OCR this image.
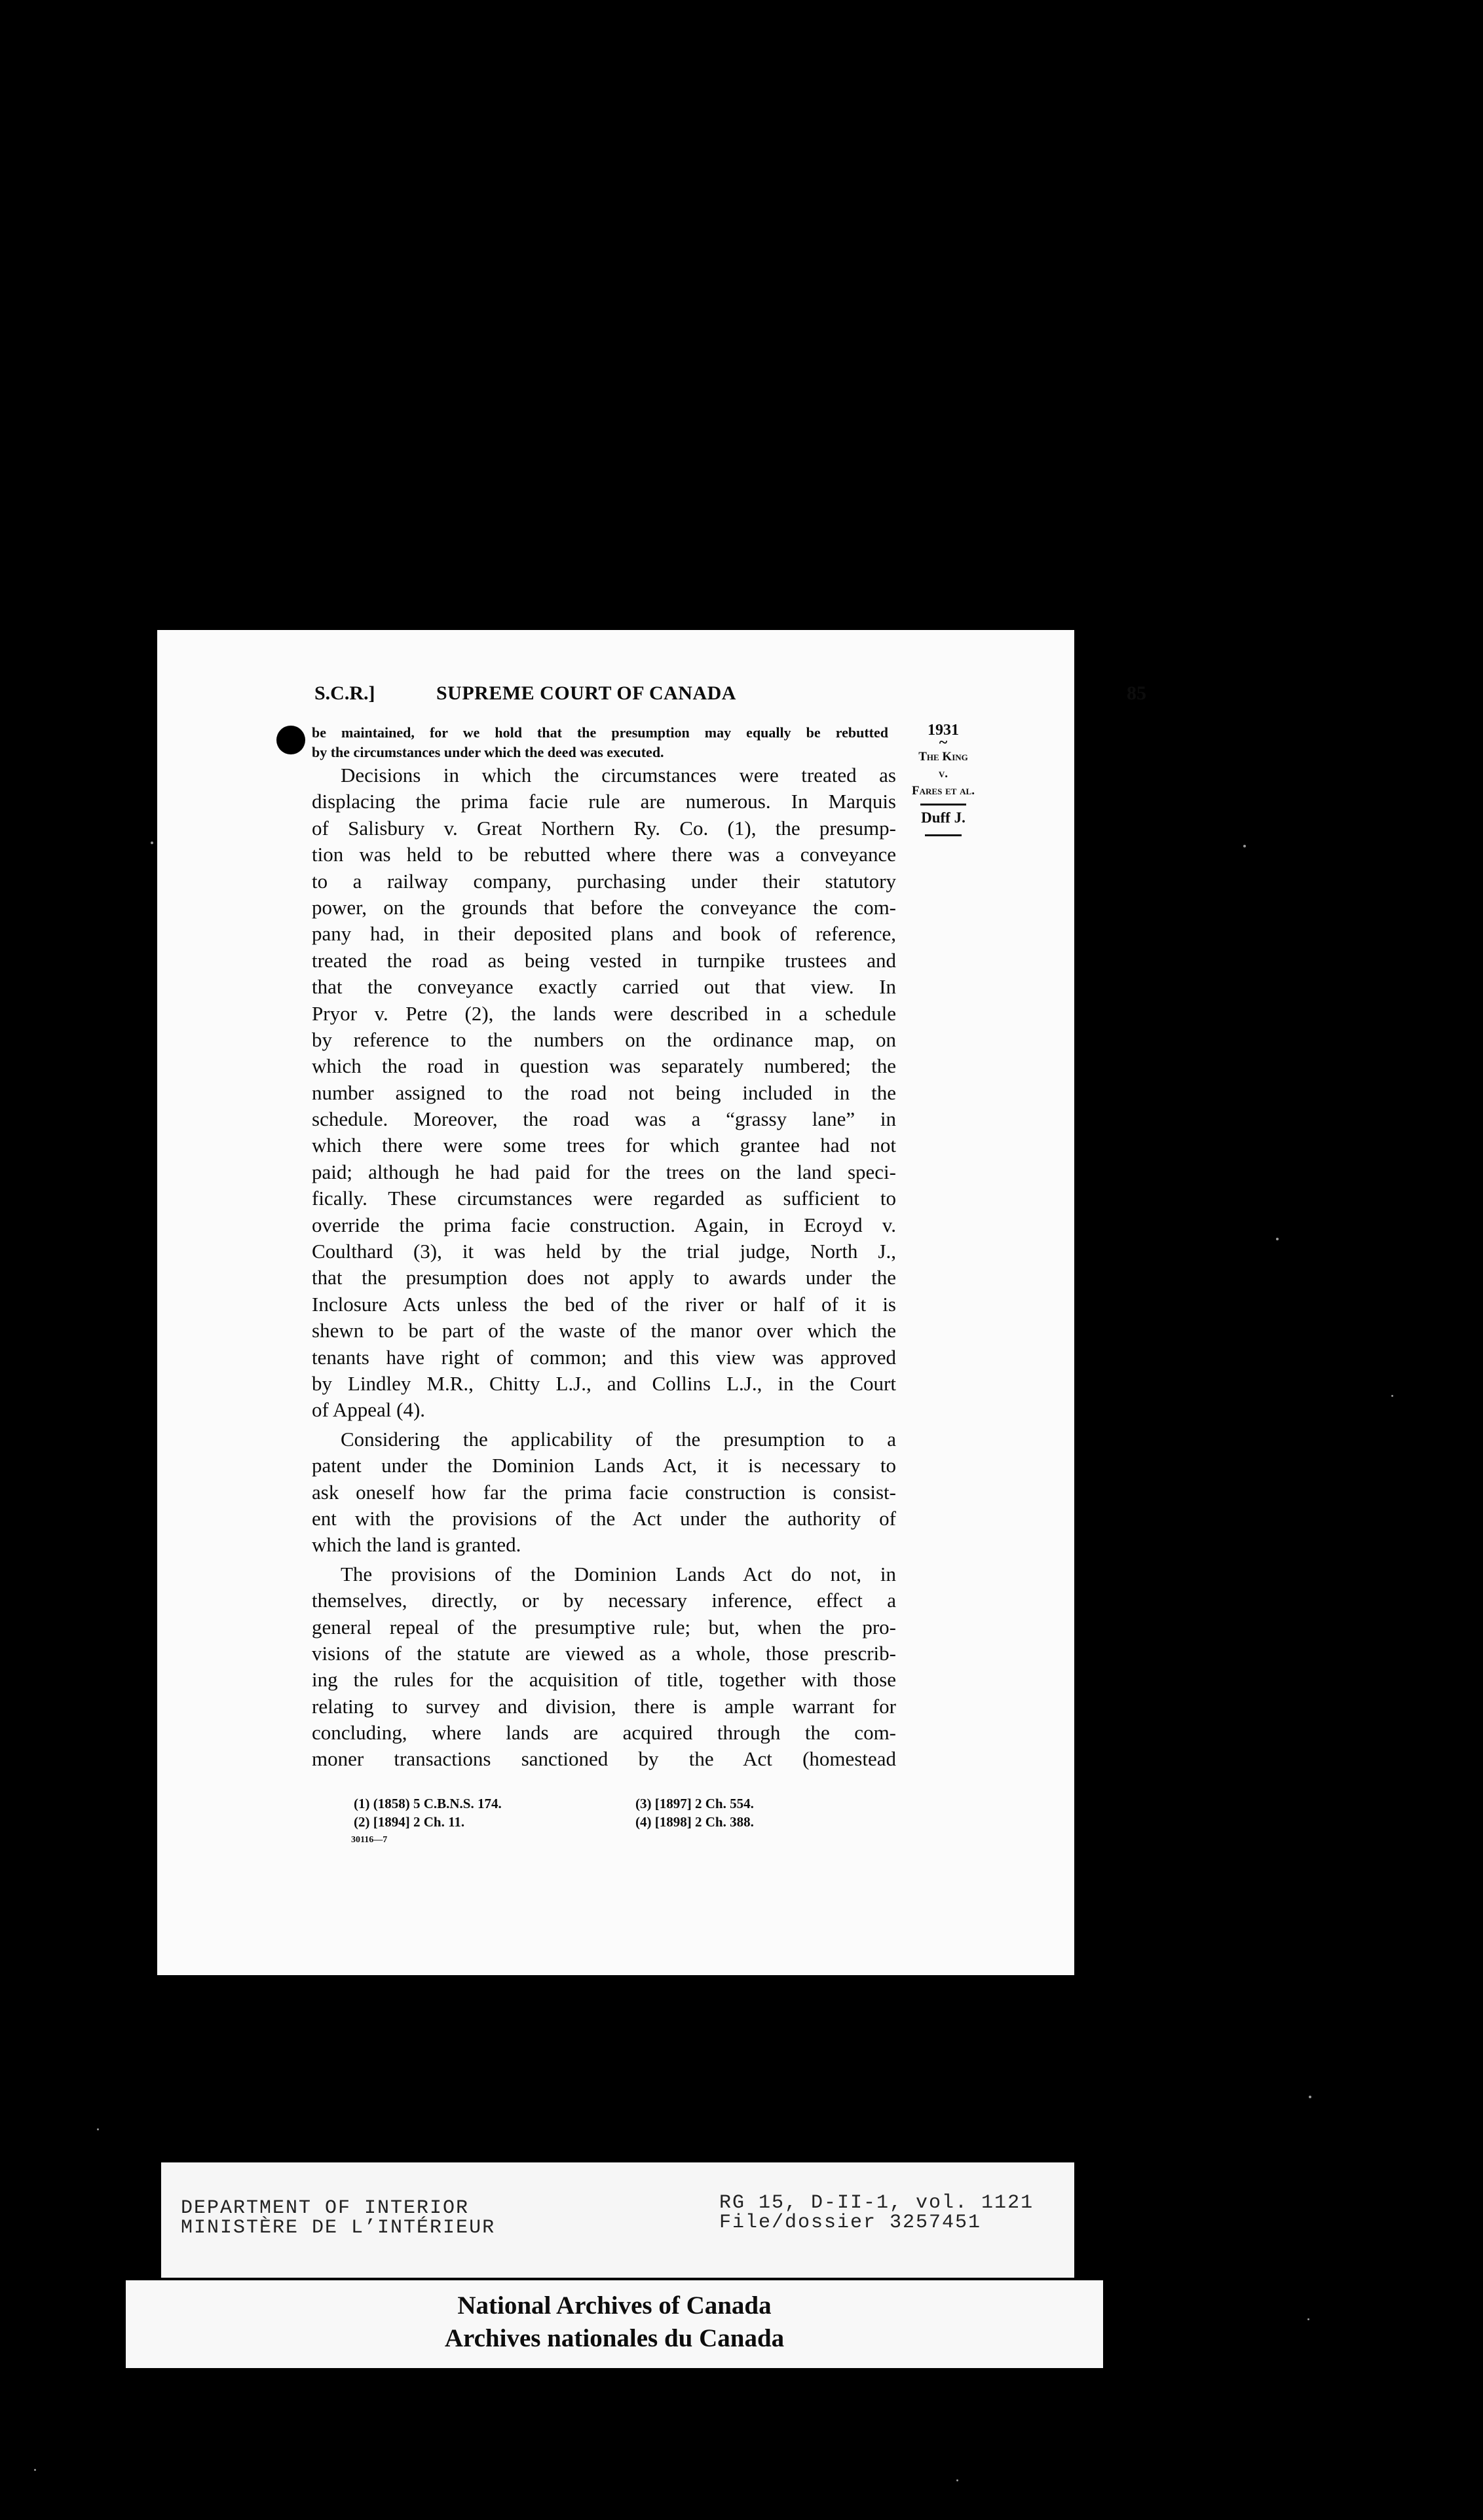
S.C.R.]	SUPREME COURT OF CANADA	85
be maintained, for we hold that the presumption may equally be rebutted
by the circumstances under which the deed was executed.
1931
~
The King
v.
Fares et al.
Duff J.
Decisions in which the circumstances were treated as
displacing the prima facie rule are numerous. In Marquis
of Salisbury v. Great Northern Ry. Co. (1), the presump-
tion was held to be rebutted where there was a conveyance
to a railway company, purchasing under their statutory
power, on the grounds that before the conveyance the com-
pany had, in their deposited plans and book of reference,
treated the road as being vested in turnpike trustees and
that the conveyance exactly carried out that view. In
Pryor v. Petre (2), the lands were described in a schedule
by reference to the numbers on the ordinance map, on
which the road in question was separately numbered; the
number assigned to the road not being included in the
schedule. Moreover, the road was a “grassy lane” in
which there were some trees for which grantee had not
paid; although he had paid for the trees on the land speci-
fically. These circumstances were regarded as sufficient to
override the prima facie construction. Again, in Ecroyd v.
Coulthard (3), it was held by the trial judge, North J.,
that the presumption does not apply to awards under the
Inclosure Acts unless the bed of the river or half of it is
shewn to be part of the waste of the manor over which the
tenants have right of common; and this view was approved
by Lindley M.R., Chitty L.J., and Collins L.J., in the Court
of Appeal (4).
Considering the applicability of the presumption to a
patent under the Dominion Lands Act, it is necessary to
ask oneself how far the prima facie construction is consist-
ent with the provisions of the Act under the authority of
which the land is granted.
The provisions of the Dominion Lands Act do not, in
themselves, directly, or by necessary inference, effect a
general repeal of the presumptive rule; but, when the pro-
visions of the statute are viewed as a whole, those prescrib-
ing the rules for the acquisition of title, together with those
relating to survey and division, there is ample warrant for
concluding, where lands are acquired through the com-
moner transactions sanctioned by the Act (homestead
(1) (1858) 5 C.B.N.S. 174.
(2) [1894] 2 Ch. 11.
(3) [1897] 2 Ch. 554.
(4) [1898] 2 Ch. 388.
30116—7
DEPARTMENT OF INTERIOR
MINISTÈRE DE L’INTÉRIEUR
RG 15, D-II-1, vol. 1121
File/dossier 3257451
National Archives of Canada
Archives nationales du Canada
